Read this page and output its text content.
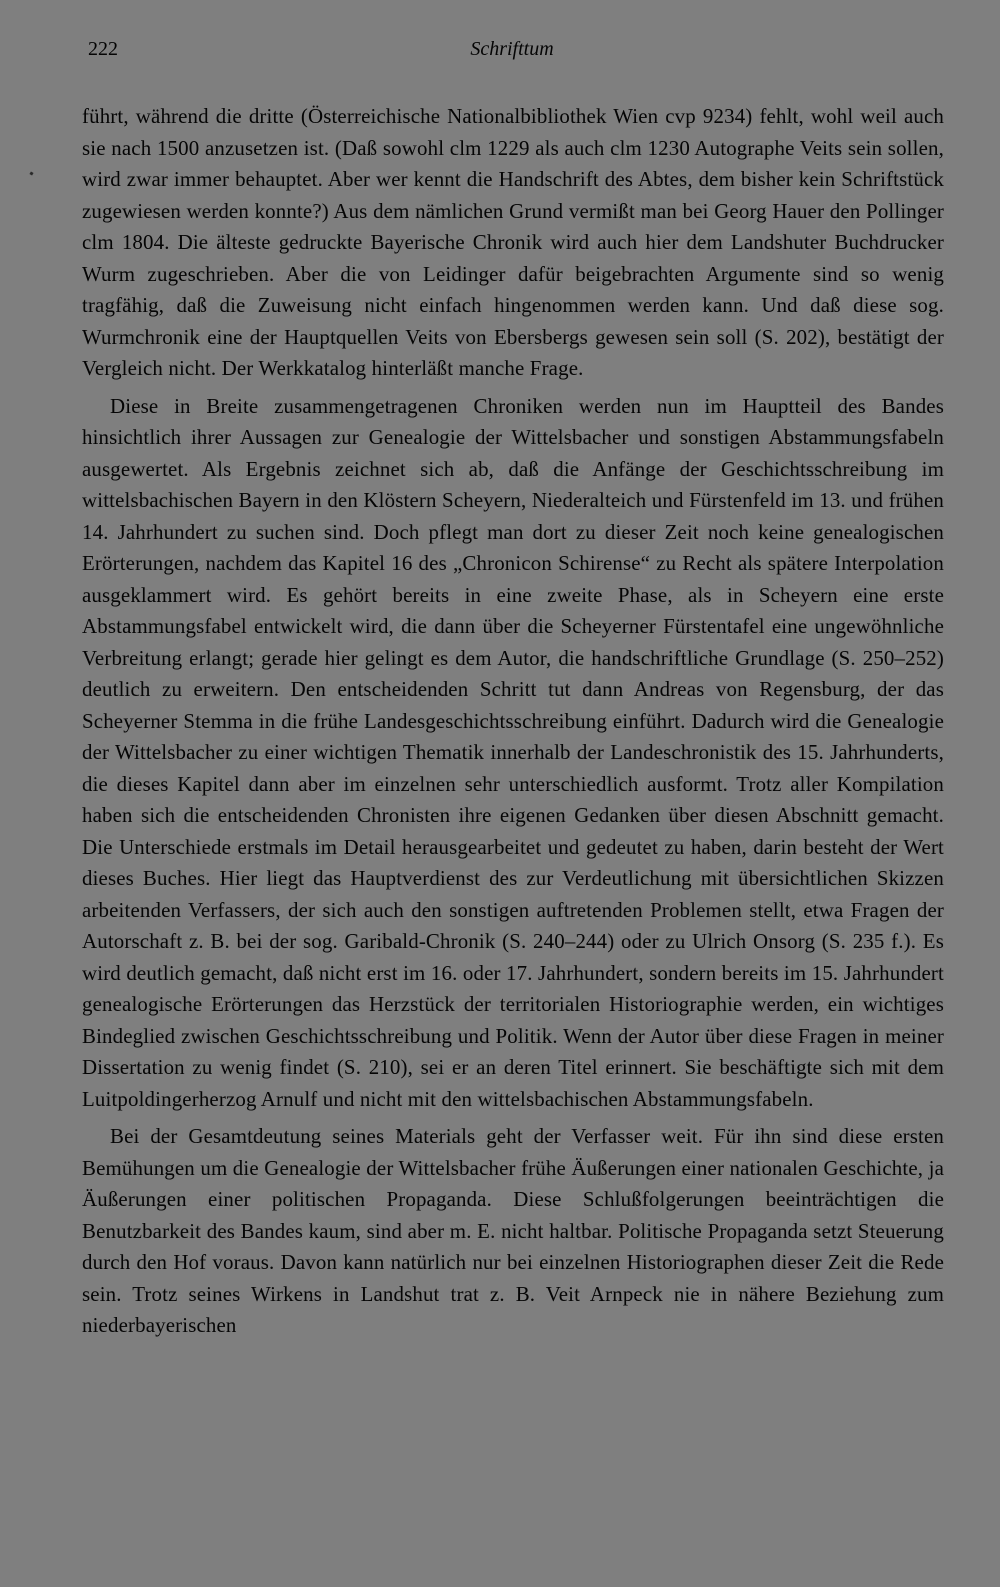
222	Schrifttum

führt, während die dritte (Österreichische Nationalbibliothek Wien cvp 9234) fehlt, wohl weil auch sie nach 1500 anzusetzen ist. (Daß sowohl clm 1229 als auch clm 1230 Autographe Veits sein sollen, wird zwar immer behauptet. Aber wer kennt die Handschrift des Abtes, dem bisher kein Schriftstück zugewiesen werden konnte?) Aus dem nämlichen Grund vermißt man bei Georg Hauer den Pollinger clm 1804. Die älteste gedruckte Bayerische Chronik wird auch hier dem Landshuter Buchdrucker Wurm zugeschrieben. Aber die von Leidinger dafür beigebrachten Argumente sind so wenig tragfähig, daß die Zuweisung nicht einfach hingenommen werden kann. Und daß diese sog. Wurmchronik eine der Hauptquellen Veits von Ebersbergs gewesen sein soll (S. 202), bestätigt der Vergleich nicht. Der Werkkatalog hinterläßt manche Frage.

Diese in Breite zusammengetragenen Chroniken werden nun im Hauptteil des Bandes hinsichtlich ihrer Aussagen zur Genealogie der Wittelsbacher und sonstigen Abstammungsfabeln ausgewertet. Als Ergebnis zeichnet sich ab, daß die Anfänge der Geschichtsschreibung im wittelsbachischen Bayern in den Klöstern Scheyern, Niederalteich und Fürstenfeld im 13. und frühen 14. Jahrhundert zu suchen sind. Doch pflegt man dort zu dieser Zeit noch keine genealogischen Erörterungen, nachdem das Kapitel 16 des „Chronicon Schirense“ zu Recht als spätere Interpolation ausgeklammert wird. Es gehört bereits in eine zweite Phase, als in Scheyern eine erste Abstammungsfabel entwickelt wird, die dann über die Scheyerner Fürstentafel eine ungewöhnliche Verbreitung erlangt; gerade hier gelingt es dem Autor, die handschriftliche Grundlage (S. 250–252) deutlich zu erweitern. Den entscheidenden Schritt tut dann Andreas von Regensburg, der das Scheyerner Stemma in die frühe Landesgeschichtsschreibung einführt. Dadurch wird die Genealogie der Wittelsbacher zu einer wichtigen Thematik innerhalb der Landeschronistik des 15. Jahrhunderts, die dieses Kapitel dann aber im einzelnen sehr unterschiedlich ausformt. Trotz aller Kompilation haben sich die entscheidenden Chronisten ihre eigenen Gedanken über diesen Abschnitt gemacht. Die Unterschiede erstmals im Detail herausgearbeitet und gedeutet zu haben, darin besteht der Wert dieses Buches. Hier liegt das Hauptverdienst des zur Verdeutlichung mit übersichtlichen Skizzen arbeitenden Verfassers, der sich auch den sonstigen auftretenden Problemen stellt, etwa Fragen der Autorschaft z. B. bei der sog. Garibald-Chronik (S. 240–244) oder zu Ulrich Onsorg (S. 235 f.). Es wird deutlich gemacht, daß nicht erst im 16. oder 17. Jahrhundert, sondern bereits im 15. Jahrhundert genealogische Erörterungen das Herzstück der territorialen Historiographie werden, ein wichtiges Bindeglied zwischen Geschichtsschreibung und Politik. Wenn der Autor über diese Fragen in meiner Dissertation zu wenig findet (S. 210), sei er an deren Titel erinnert. Sie beschäftigte sich mit dem Luitpoldingerherzog Arnulf und nicht mit den wittelsbachischen Abstammungsfabeln.

Bei der Gesamtdeutung seines Materials geht der Verfasser weit. Für ihn sind diese ersten Bemühungen um die Genealogie der Wittelsbacher frühe Äußerungen einer nationalen Geschichte, ja Äußerungen einer politischen Propaganda. Diese Schlußfolgerungen beeinträchtigen die Benutzbarkeit des Bandes kaum, sind aber m. E. nicht haltbar. Politische Propaganda setzt Steuerung durch den Hof voraus. Davon kann natürlich nur bei einzelnen Historiographen dieser Zeit die Rede sein. Trotz seines Wirkens in Landshut trat z. B. Veit Arnpeck nie in nähere Beziehung zum niederbayerischen
